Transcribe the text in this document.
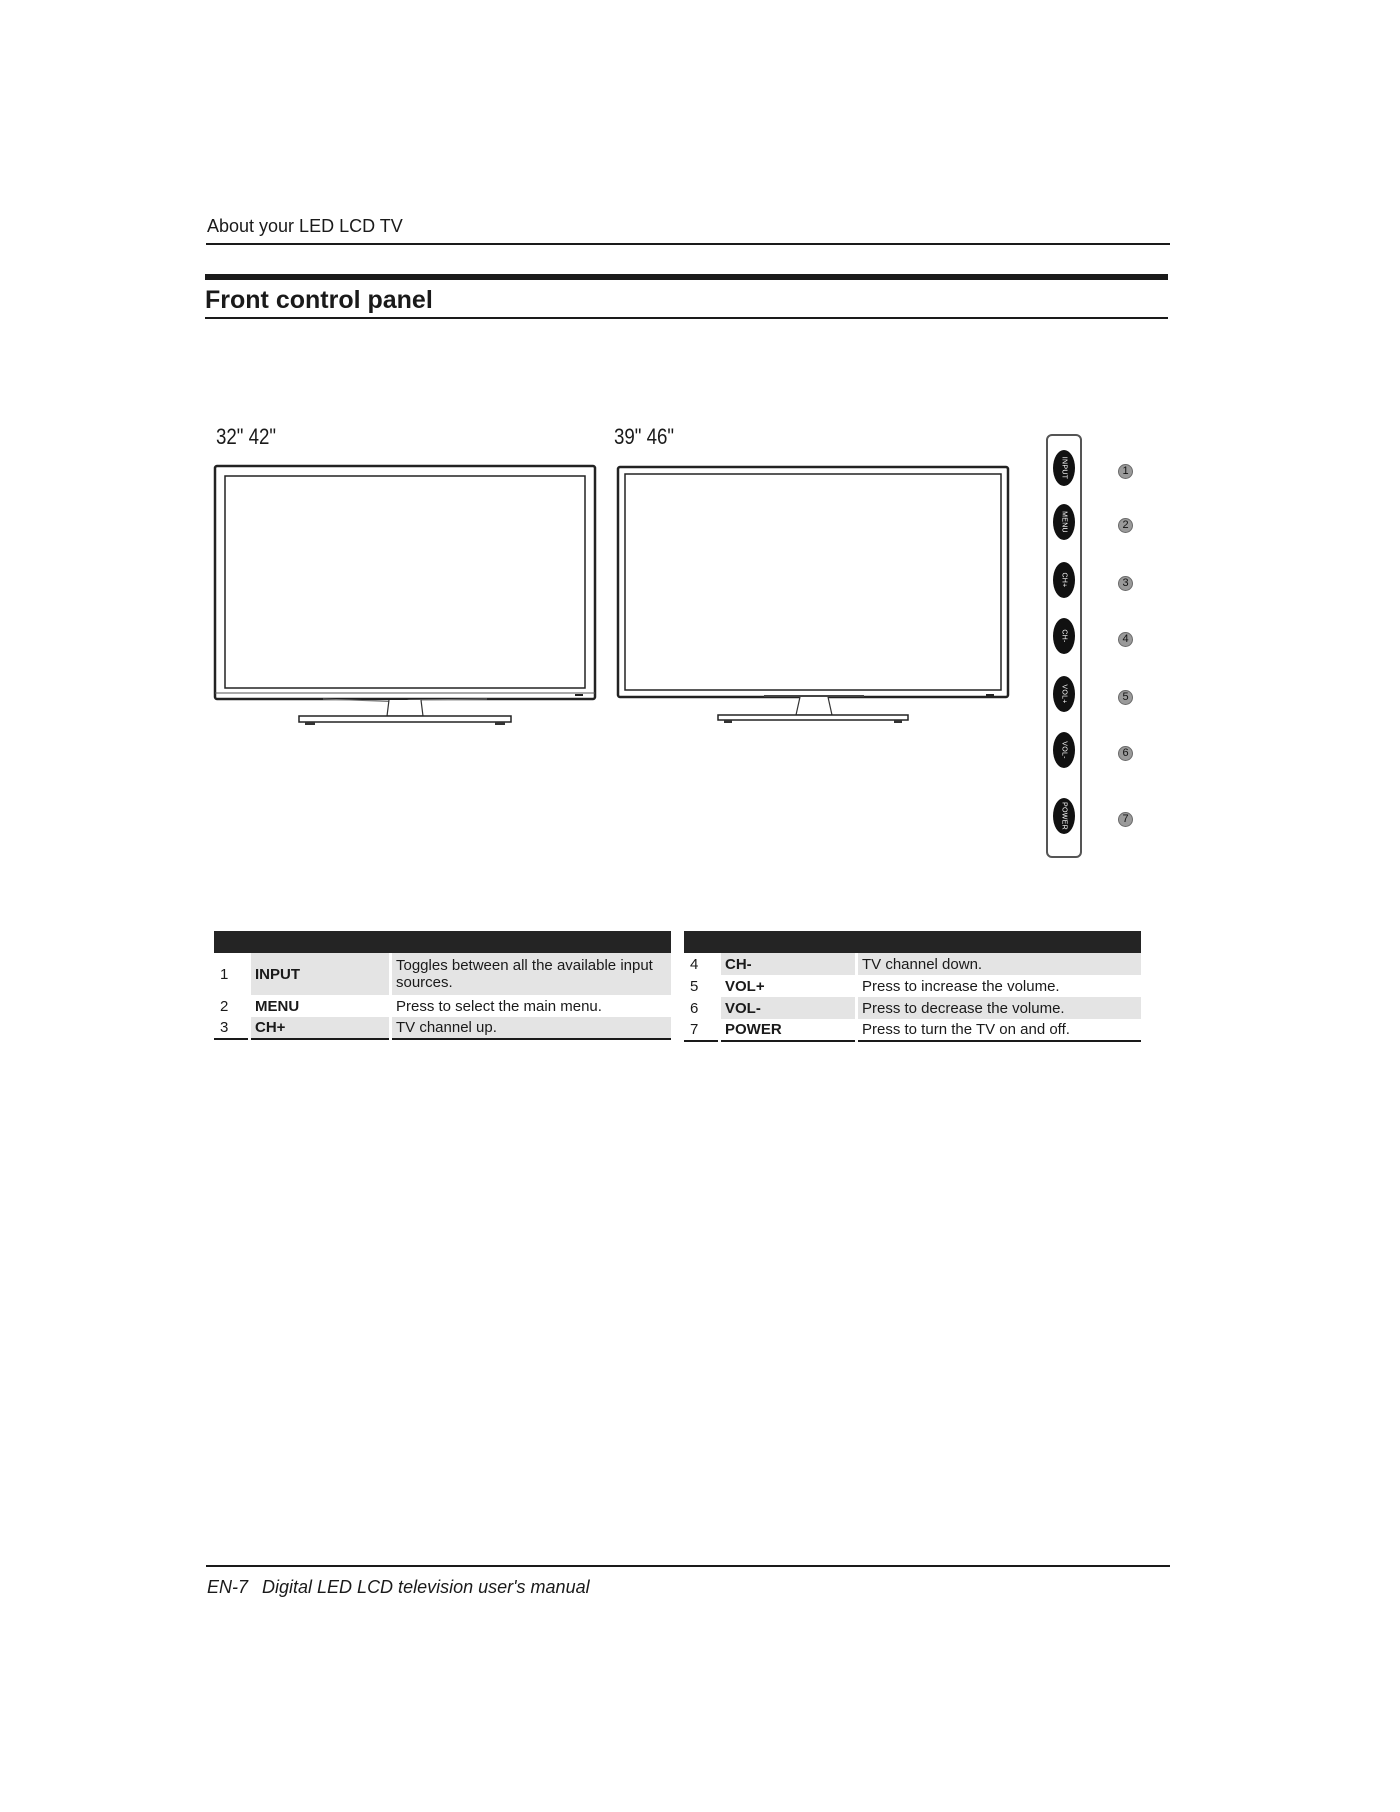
About your LED LCD TV
Front control panel
32" 42"	39" 46"
INPUT
MENU
CH+
CH-
VOL+
VOL-
POWER
1
2
3
4
5
6
7

1	INPUT	Toggles between all the available input sources.
2	MENU	Press to select the main menu.
3	CH+	TV channel up.

4	CH-	TV channel down.
5	VOL+	Press to increase the volume.
6	VOL-	Press to decrease the volume.
7	POWER	Press to turn the TV on and off.
EN-7 Digital LED LCD television user's manual
